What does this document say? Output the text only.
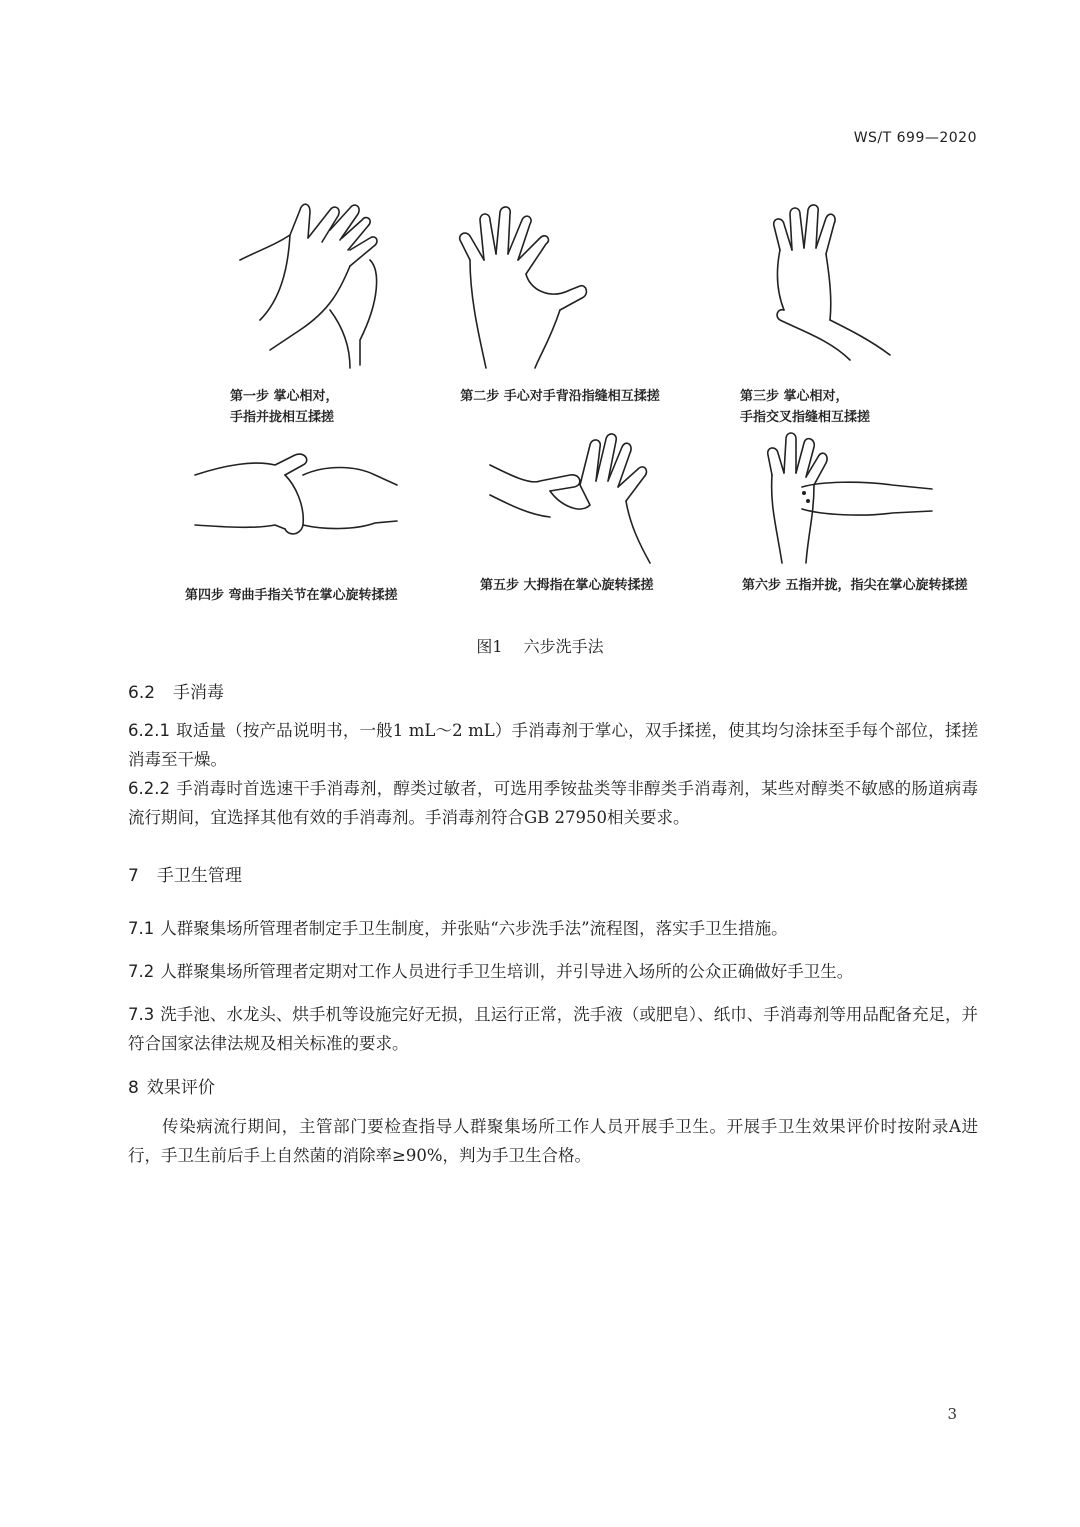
WS/T 699—2020
第一步 掌心相对，
手指并拢相互揉搓
第二步 手心对手背沿指缝相互揉搓	第三步 掌心相对，
手指交叉指缝相互揉搓
第四步 弯曲手指关节在掌心旋转揉搓
第五步 大拇指在掌心旋转揉搓	第六步 五指并拢，指尖在掌心旋转揉搓
图1 六步洗手法
6.2 手消毒
6.2.1 取适量（按产品说明书，一般1 mL～2 mL）手消毒剂于掌心，双手揉搓，使其均匀涂抹至手每个部位，揉搓消毒至干燥。
6.2.2 手消毒时首选速干手消毒剂，醇类过敏者，可选用季铵盐类等非醇类手消毒剂，某些对醇类不敏感的肠道病毒流行期间，宜选择其他有效的手消毒剂。手消毒剂符合GB 27950相关要求。
7 手卫生管理
7.1 人群聚集场所管理者制定手卫生制度，并张贴“六步洗手法”流程图，落实手卫生措施。
7.2 人群聚集场所管理者定期对工作人员进行手卫生培训，并引导进入场所的公众正确做好手卫生。
7.3 洗手池、水龙头、烘手机等设施完好无损，且运行正常，洗手液（或肥皂）、纸巾、手消毒剂等用品配备充足，并符合国家法律法规及相关标准的要求。
8 效果评价
传染病流行期间，主管部门要检查指导人群聚集场所工作人员开展手卫生。开展手卫生效果评价时按附录A进行，手卫生前后手上自然菌的消除率≥90%，判为手卫生合格。
3
